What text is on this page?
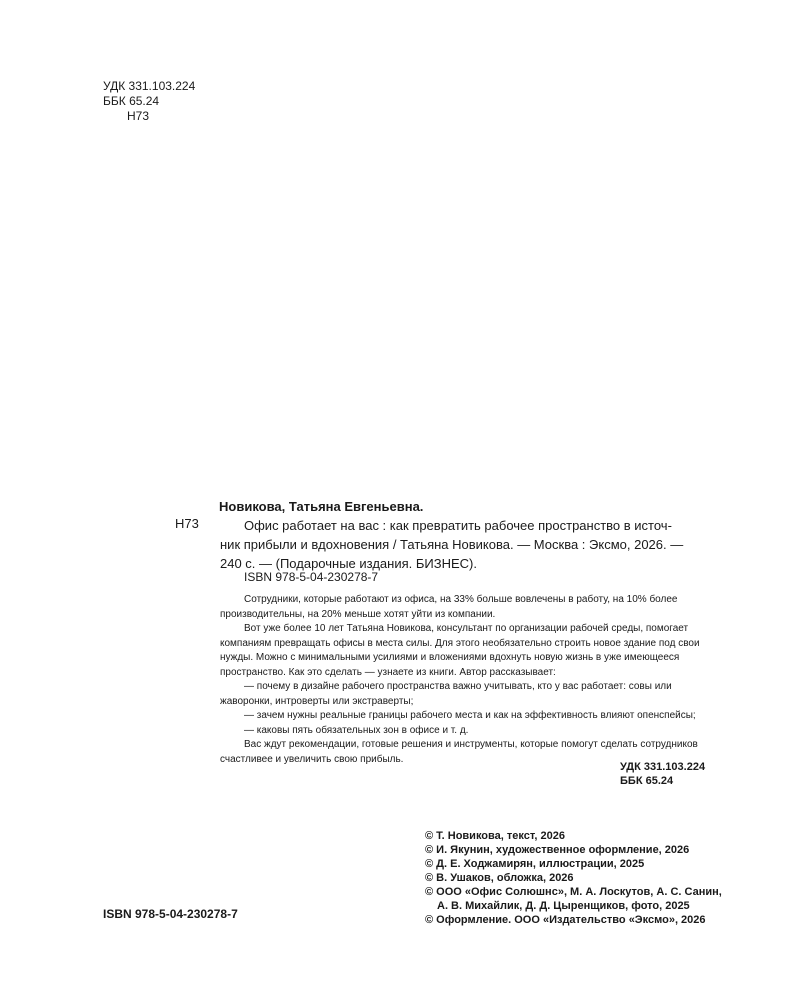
УДК 331.103.224
ББК 65.24
Н73
Новикова, Татьяна Евгеньевна.
Н73	Офис работает на вас : как превратить рабочее пространство в источ-
ник прибыли и вдохновения / Татьяна Новикова. — Москва : Эксмо, 2026. —
240 с. — (Подарочные издания. БИЗНЕС).
ISBN 978-5-04-230278-7

Сотрудники, которые работают из офиса, на 33% больше вовлечены в работу, на 10% более производительны, на 20% меньше хотят уйти из компании.

Вот уже более 10 лет Татьяна Новикова, консультант по организации рабочей среды, помогает компаниям превращать офисы в места силы. Для этого необязательно строить новое здание под свои нужды. Можно с минимальными усилиями и вложениями вдохнуть новую жизнь в уже имеющееся пространство. Как это сделать — узнаете из книги. Автор рассказывает:

— почему в дизайне рабочего пространства важно учитывать, кто у вас работает: совы или жаворонки, интроверты или экстраверты;

— зачем нужны реальные границы рабочего места и как на эффективность влияют опенспейсы;

— каковы пять обязательных зон в офисе и т. д.

Вас ждут рекомендации, готовые решения и инструменты, которые помогут сделать сотрудников счастливее и увеличить свою прибыль.

УДК 331.103.224
ББК 65.24
© Т. Новикова, текст, 2026
© И. Якунин, художественное оформление, 2026
© Д. Е. Ходжамирян, иллюстрации, 2025
© В. Ушаков, обложка, 2026
© ООО «Офис Солюшнс», М. А. Лоскутов, А. С. Санин,
А. В. Михайлик, Д. Д. Цыренщиков, фото, 2025
© Оформление. ООО «Издательство «Эксмо», 2026
ISBN 978-5-04-230278-7
